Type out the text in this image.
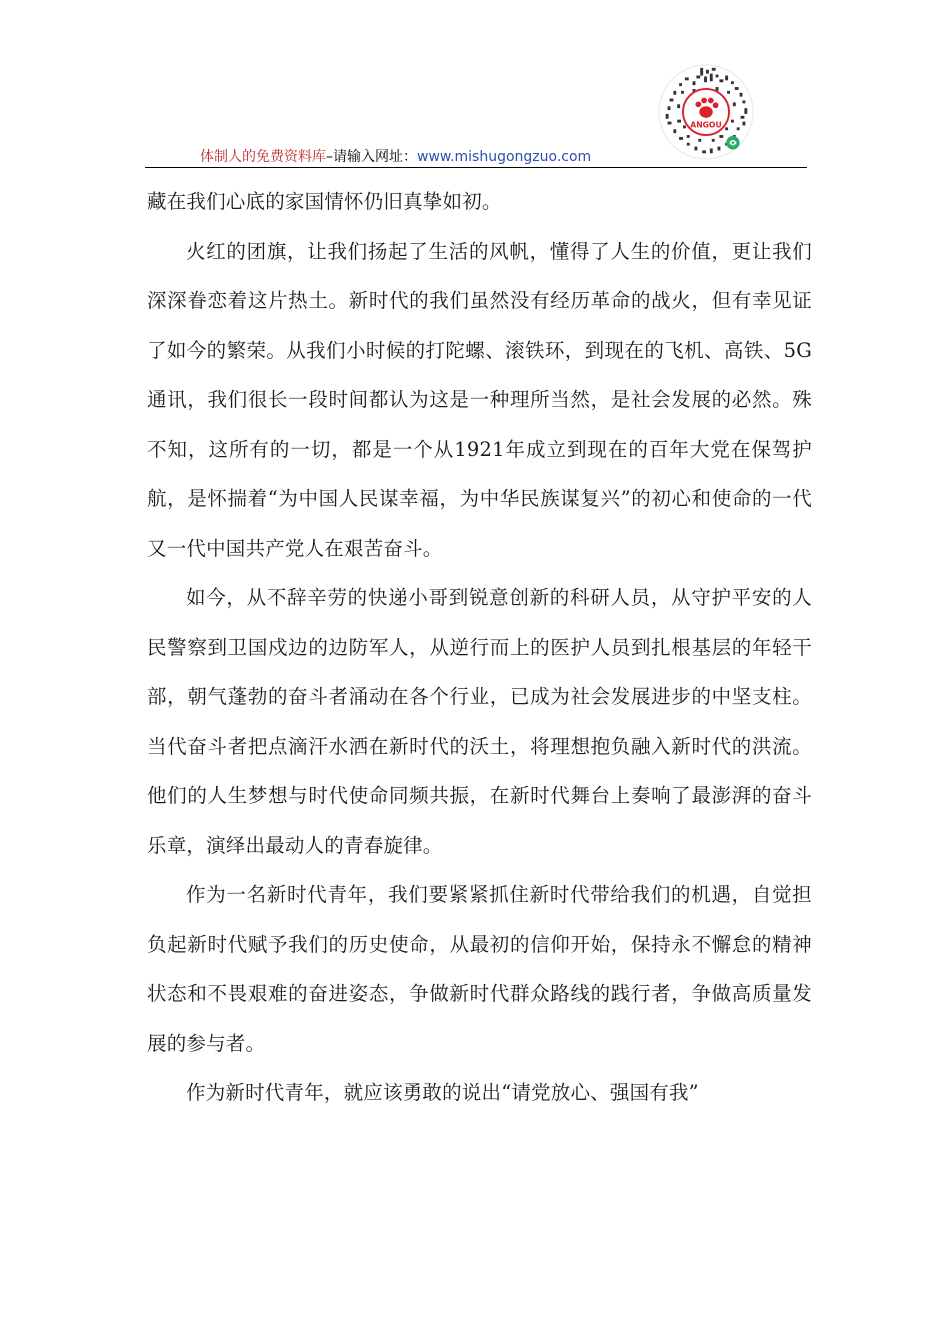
体制人的免费资料库–请输入网址：www.mishugongzuo.com
ANGOU

藏在我们心底的家国情怀仍旧真挚如初。

火红的团旗，让我们扬起了生活的风帆，懂得了人生的价值，更让我们深深眷恋着这片热土。新时代的我们虽然没有经历革命的战火，但有幸见证了如今的繁荣。从我们小时候的打陀螺、滚铁环，到现在的飞机、高铁、5G通讯，我们很长一段时间都认为这是一种理所当然，是社会发展的必然。殊不知，这所有的一切，都是一个从1921年成立到现在的百年大党在保驾护航，是怀揣着“为中国人民谋幸福，为中华民族谋复兴”的初心和使命的一代又一代中国共产党人在艰苦奋斗。

如今，从不辞辛劳的快递小哥到锐意创新的科研人员，从守护平安的人民警察到卫国戍边的边防军人，从逆行而上的医护人员到扎根基层的年轻干部，朝气蓬勃的奋斗者涌动在各个行业，已成为社会发展进步的中坚支柱。当代奋斗者把点滴汗水洒在新时代的沃土，将理想抱负融入新时代的洪流。他们的人生梦想与时代使命同频共振，在新时代舞台上奏响了最澎湃的奋斗乐章，演绎出最动人的青春旋律。

作为一名新时代青年，我们要紧紧抓住新时代带给我们的机遇，自觉担负起新时代赋予我们的历史使命，从最初的信仰开始，保持永不懈怠的精神状态和不畏艰难的奋进姿态，争做新时代群众路线的践行者，争做高质量发展的参与者。

作为新时代青年，就应该勇敢的说出“请党放心、强国有我”
